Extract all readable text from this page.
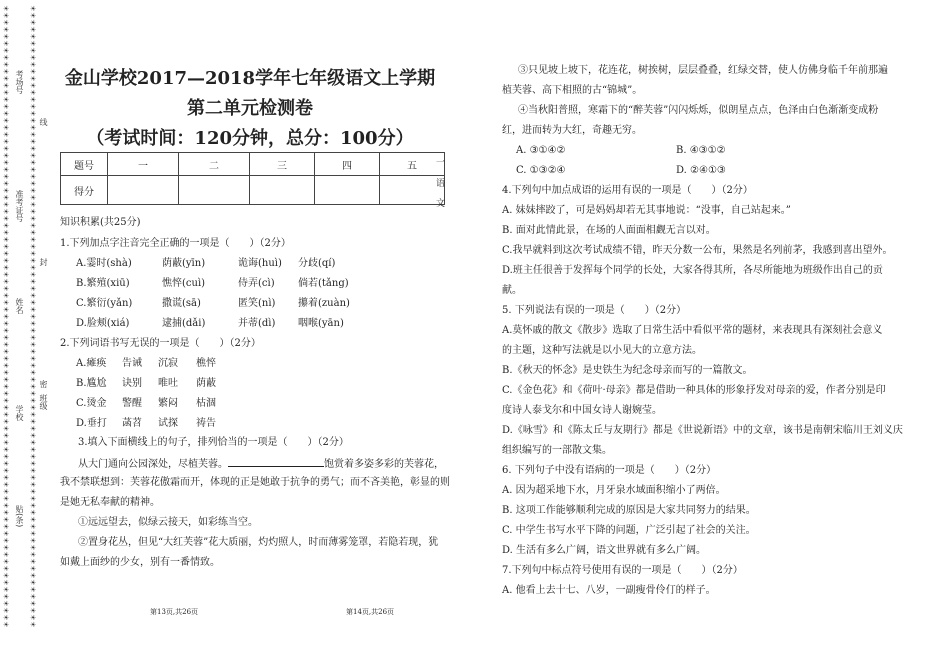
☀☀☀☀☀☀☀☀☀☀☀☀☀☀☀☀☀☀☀☀☀☀☀☀☀☀☀☀☀☀☀☀☀☀☀☀☀☀☀☀☀☀☀☀☀☀☀☀☀☀☀☀☀☀☀☀☀☀☀☀☀☀☀☀☀☀☀☀☀☀☀☀☀☀☀☀☀☀☀☀☀☀☀☀☀☀☀☀☀
☀☀☀☀☀☀☀☀☀☀☀☀☀☀☀☀☀☀☀☀☀☀☀☀☀☀☀☀☀☀☀☀☀☀☀☀☀☀☀☀☀☀☀☀☀☀☀☀☀☀☀☀☀☀☀☀☀☀☀☀☀☀☀☀☀☀☀☀☀☀☀☀☀☀☀☀☀☀☀☀☀☀☀☀☀☀☀☀☀
考场号
线
准考证号
封
姓名
密
学校
班级
贴(条)
金山学校2017—2018学年七年级语文上学期
第二单元检测卷
（考试时间：120分钟，总分：100分）
题号	一	二	三	四	五
得分					
一
语
文
知识积累(共25分)
1.下列加点字注音完全正确的一项是（　　）（2分）
A.霎时(shà)	荫蔽(yīn)	诡诲(huì) 分歧(qí)
B.繁殖(xiū)	憔悴(cuì)	侍弄(cì) 倘若(tǎng)
C.繁衍(yǎn)	撒谎(sā)	匿笑(nì) 攥着(zuàn)
D.脸颊(xiá)	逮捕(dǎi)	并蒂(dì) 咽喉(yān)
2.下列词语书写无误的一项是（　　）（2分）
A.瘫痪 告诫 沉寂 樵悴
B.尴尬 诀别 唯吐 荫蔽
C.烫金 警醒 繁闷 枯涸
D.垂打 菡苕 试探 祷告
3.填入下面横线上的句子，排列恰当的一项是（　　）（2分）
从大门通向公园深处，尽植芙蓉。	饱赏着多姿多彩的芙蓉花，
我不禁联想到：芙蓉花傲霜而开，体现的正是她敢于抗争的勇气；而不吝美艳，彰显的则
是她无私奉献的精神。
①远远望去，似绿云接天，如彩练当空。
②置身花丛，但见“大红芙蓉”花大质丽，灼灼照人，时而薄雾笼罩，若隐若现，犹
如戴上面纱的少女，别有一番情致。
第13页,共26页	第14页,共26页
③只见坡上坡下，花连花，树挨树，层层叠叠，红绿交替，使人仿佛身临千年前那遍
植芙蓉、高下相照的古“锦城”。
④当秋阳普照，寒霜下的“醉芙蓉”闪闪烁烁，似朗星点点，色泽由白色渐渐变成粉
红，进而转为大红，奇趣无穷。
A. ③①④②	B. ④③①②
C. ①③②④	D. ②④①③
4.下列句中加点成语的运用有误的一项是（　　）（2分）
A. 妹妹摔跤了，可是妈妈却若无其事地说：“没事，自己站起来。”
B. 面对此情此景，在场的人面面相觑无言以对。
C.我早就料到这次考试成绩不错，昨天分数一公布，果然是名列前茅，我感到喜出望外。
D.班主任很善于发挥每个同学的长处，大家各得其所，各尽所能地为班级作出自己的贡
献。
5. 下列说法有误的一项是（　　）（2分）
A.莫怀戚的散文《散步》选取了日常生活中看似平常的题材，来表现具有深刻社会意义
的主题，这种写法就是以小见大的立意方法。
B.《秋天的怀念》是史铁生为纪念母亲而写的一篇散文。
C.《金色花》和《荷叶·母亲》都是借助一种具体的形象抒发对母亲的爱，作者分别是印
度诗人泰戈尔和中国女诗人谢婉莹。
D.《咏雪》和《陈太丘与友期行》都是《世说新语》中的文章，该书是南朝宋临川王刘义庆
组织编写的一部散文集。
6. 下列句子中没有语病的一项是（　　）（2分）
A. 因为超采地下水，月牙泉水域面积缩小了两倍。
B. 这项工作能够顺利完成的原因是大家共同努力的结果。
C. 中学生书写水平下降的问题，广泛引起了社会的关注。
D. 生活有多么广阔，语文世界就有多么广阔。
7.下列句中标点符号使用有误的一项是（　　）（2分）
A. 他看上去十七、八岁，一副瘦骨伶仃的样子。
